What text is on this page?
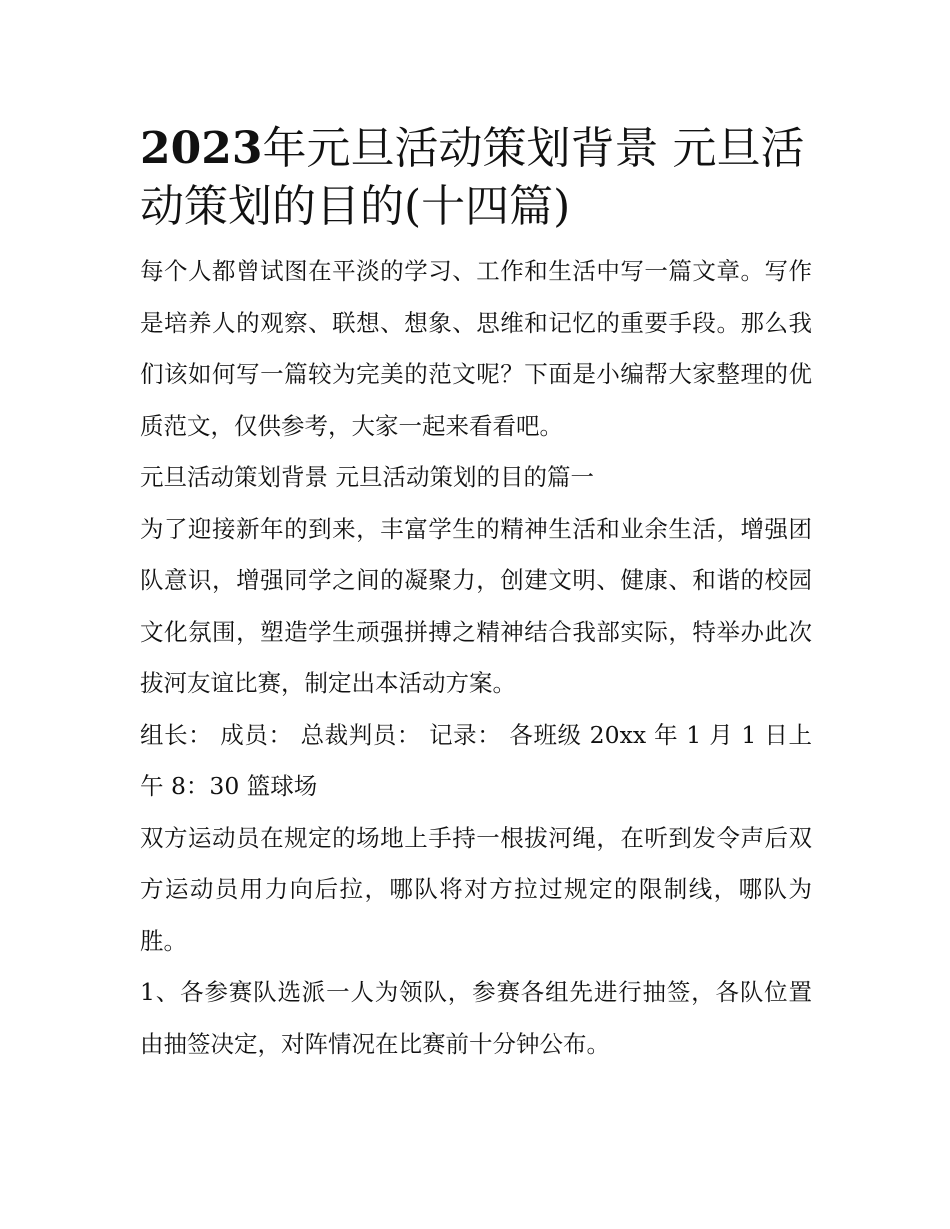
2023年元旦活动策划背景 元旦活动策划的目的(十四篇)

每个人都曾试图在平淡的学习、工作和生活中写一篇文章。写作是培养人的观察、联想、想象、思维和记忆的重要手段。那么我们该如何写一篇较为完美的范文呢？下面是小编帮大家整理的优质范文，仅供参考，大家一起来看看吧。

元旦活动策划背景 元旦活动策划的目的篇一

为了迎接新年的到来，丰富学生的精神生活和业余生活，增强团队意识，增强同学之间的凝聚力，创建文明、健康、和谐的校园文化氛围，塑造学生顽强拼搏之精神结合我部实际，特举办此次拔河友谊比赛，制定出本活动方案。

组长： 成员： 总裁判员： 记录： 各班级 20xx 年 1 月 1 日上午 8：30 篮球场

双方运动员在规定的场地上手持一根拔河绳，在听到发令声后双方运动员用力向后拉，哪队将对方拉过规定的限制线，哪队为胜。

1、各参赛队选派一人为领队，参赛各组先进行抽签，各队位置由抽签决定，对阵情况在比赛前十分钟公布。
